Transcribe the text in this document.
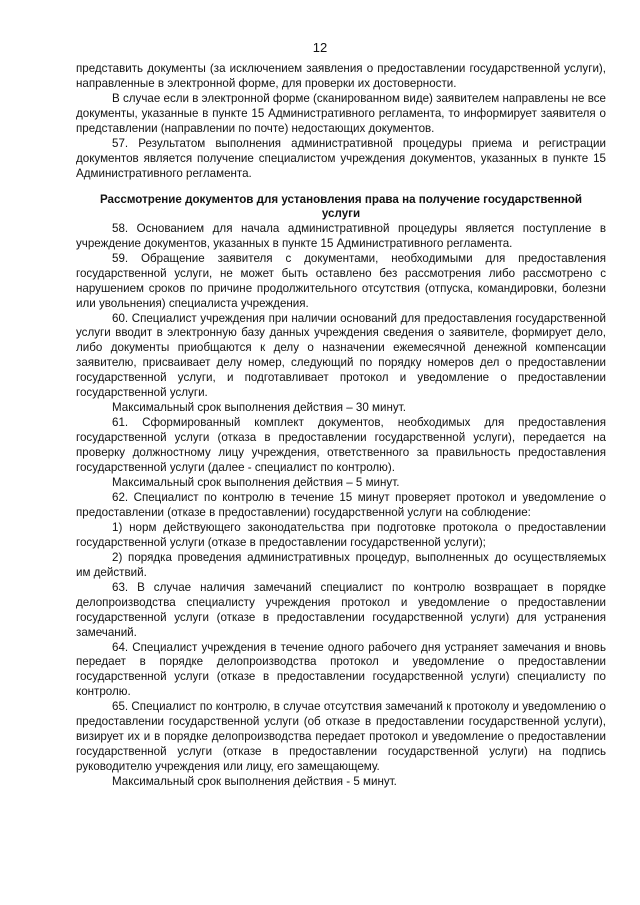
12

представить документы (за исключением заявления о предоставлении государственной услуги), направленные в электронной форме, для проверки их достоверности.

В случае если в электронной форме (сканированном виде) заявителем направлены не все документы, указанные в пункте 15 Административного регламента, то информирует заявителя о представлении (направлении по почте) недостающих документов.

57. Результатом выполнения административной процедуры приема и регистрации документов является получение специалистом учреждения документов, указанных в пункте 15 Административного регламента.

Рассмотрение документов для установления права на получение государственной услуги

58. Основанием для начала административной процедуры является поступление в учреждение документов, указанных в пункте 15 Административного регламента.

59. Обращение заявителя с документами, необходимыми для предоставления государственной услуги, не может быть оставлено без рассмотрения либо рассмотрено с нарушением сроков по причине продолжительного отсутствия (отпуска, командировки, болезни или увольнения) специалиста учреждения.

60. Специалист учреждения при наличии оснований для предоставления государственной услуги вводит в электронную базу данных учреждения сведения о заявителе, формирует дело, либо документы приобщаются к делу о назначении ежемесячной денежной компенсации заявителю, присваивает делу номер, следующий по порядку номеров дел о предоставлении государственной услуги, и подготавливает протокол и уведомление о предоставлении государственной услуги.

Максимальный срок выполнения действия – 30 минут.

61. Сформированный комплект документов, необходимых для предоставления государственной услуги (отказа в предоставлении государственной услуги), передается на проверку должностному лицу учреждения, ответственного за правильность предоставления государственной услуги (далее - специалист по контролю).

Максимальный срок выполнения действия – 5 минут.

62. Специалист по контролю в течение 15 минут проверяет протокол и уведомление о предоставлении (отказе в предоставлении) государственной услуги на соблюдение:

1) норм действующего законодательства при подготовке протокола о предоставлении государственной услуги (отказе в предоставлении государственной услуги);

2) порядка проведения административных процедур, выполненных до осуществляемых им действий.

63. В случае наличия замечаний специалист по контролю возвращает в порядке делопроизводства специалисту учреждения протокол и уведомление о предоставлении государственной услуги (отказе в предоставлении государственной услуги) для устранения замечаний.

64. Специалист учреждения в течение одного рабочего дня устраняет замечания и вновь передает в порядке делопроизводства протокол и уведомление о предоставлении государственной услуги (отказе в предоставлении государственной услуги) специалисту по контролю.

65. Специалист по контролю, в случае отсутствия замечаний к протоколу и уведомлению о предоставлении государственной услуги (об отказе в предоставлении государственной услуги), визирует их и в порядке делопроизводства передает протокол и уведомление о предоставлении государственной услуги (отказе в предоставлении государственной услуги) на подпись руководителю учреждения или лицу, его замещающему.

Максимальный срок выполнения действия - 5 минут.
